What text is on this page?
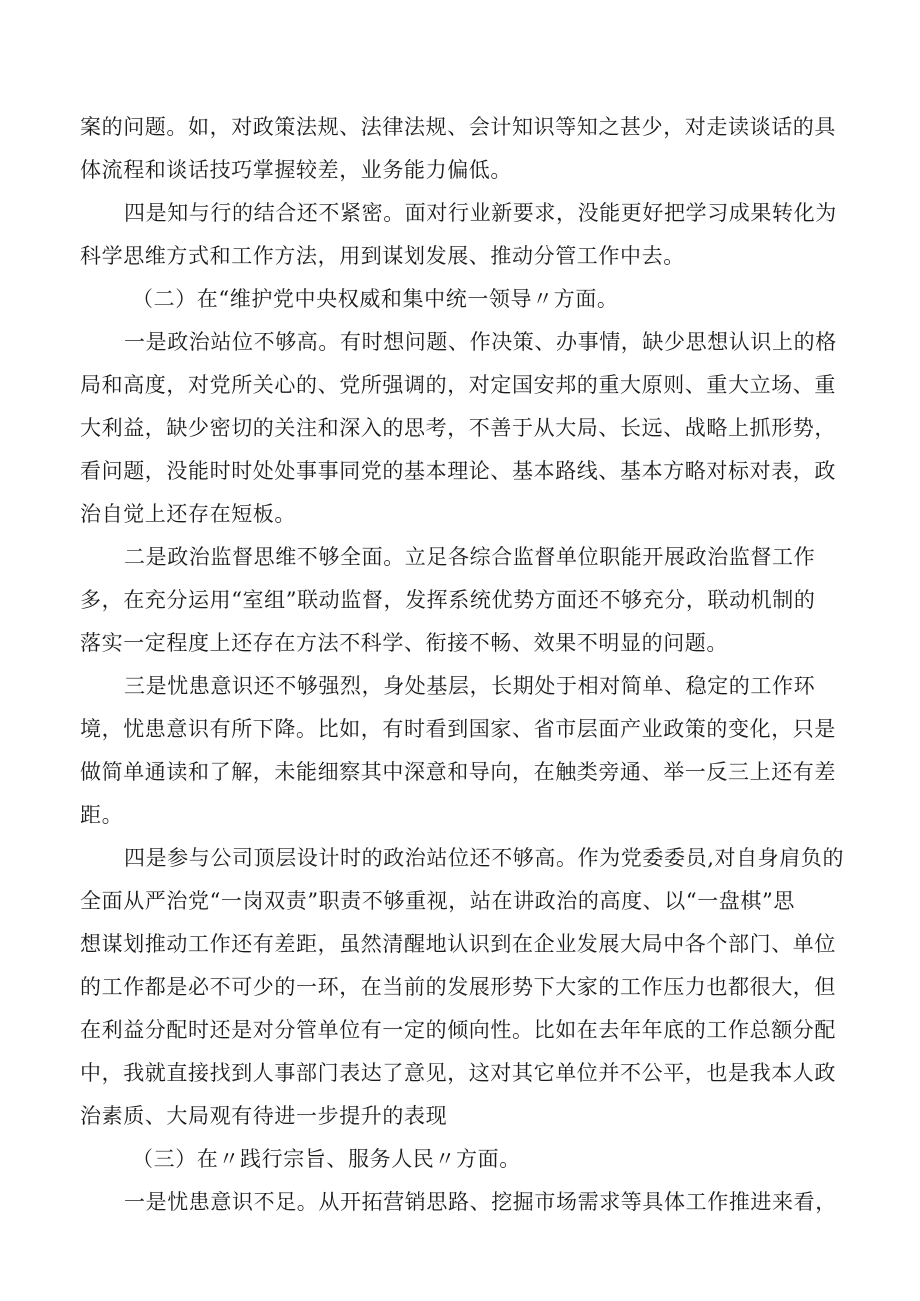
案的问题。如，对政策法规、法律法规、会计知识等知之甚少，对走读谈话的具
体流程和谈话技巧掌握较差，业务能力偏低。
四是知与行的结合还不紧密。面对行业新要求，没能更好把学习成果转化为
科学思维方式和工作方法，用到谋划发展、推动分管工作中去。
（二）在“维护党中央权威和集中统一领导〃方面。
一是政治站位不够高。有时想问题、作决策、办事情，缺少思想认识上的格
局和高度，对党所关心的、党所强调的，对定国安邦的重大原则、重大立场、重
大利益，缺少密切的关注和深入的思考，不善于从大局、长远、战略上抓形势，
看问题，没能时时处处事事同党的基本理论、基本路线、基本方略对标对表，政
治自觉上还存在短板。
二是政治监督思维不够全面。立足各综合监督单位职能开展政治监督工作
多，在充分运用“室组”联动监督，发挥系统优势方面还不够充分，联动机制的
落实一定程度上还存在方法不科学、衔接不畅、效果不明显的问题。
三是忧患意识还不够强烈，身处基层，长期处于相对简单、稳定的工作环
境，忧患意识有所下降。比如，有时看到国家、省市层面产业政策的变化，只是
做简单通读和了解，未能细察其中深意和导向，在触类旁通、举一反三上还有差
距。
四是参与公司顶层设计时的政治站位还不够高。作为党委委员,对自身肩负的
全面从严治党“一岗双责”职责不够重视，站在讲政治的高度、以“一盘棋”思
想谋划推动工作还有差距，虽然清醒地认识到在企业发展大局中各个部门、单位
的工作都是必不可少的一环，在当前的发展形势下大家的工作压力也都很大，但
在利益分配时还是对分管单位有一定的倾向性。比如在去年年底的工作总额分配
中，我就直接找到人事部门表达了意见，这对其它单位并不公平，也是我本人政
治素质、大局观有待进一步提升的表现
（三）在〃践行宗旨、服务人民〃方面。
一是忧患意识不足。从开拓营销思路、挖掘市场需求等具体工作推进来看，
